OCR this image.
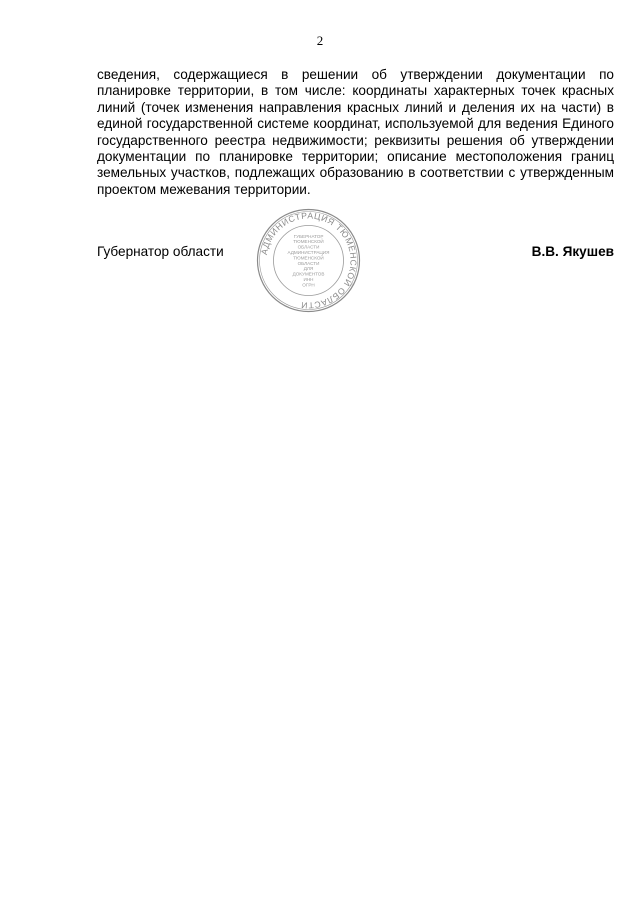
2

сведения, содержащиеся в решении об утверждении документации по планировке территории, в том числе: координаты характерных точек красных линий (точек изменения направления красных линий и деления их на части) в единой государственной системе координат, используемой для ведения Единого государственного реестра недвижимости; реквизиты решения об утверждении документации по планировке территории; описание местоположения границ земельных участков, подлежащих образованию в соответствии с утвержденным проектом межевания территории.

Губернатор области	В.В. Якушев
АДМИНИСТРАЦИЯ ТЮМЕНСКОЙ ОБЛАСТИ
ГУБЕРНАТОР
ТЮМЕНСКОЙ
ОБЛАСТИ
АДМИНИСТРАЦИЯ
ТЮМЕНСКОЙ
ОБЛАСТИ
ДЛЯ
ДОКУМЕНТОВ
ИНН
ОГРН
